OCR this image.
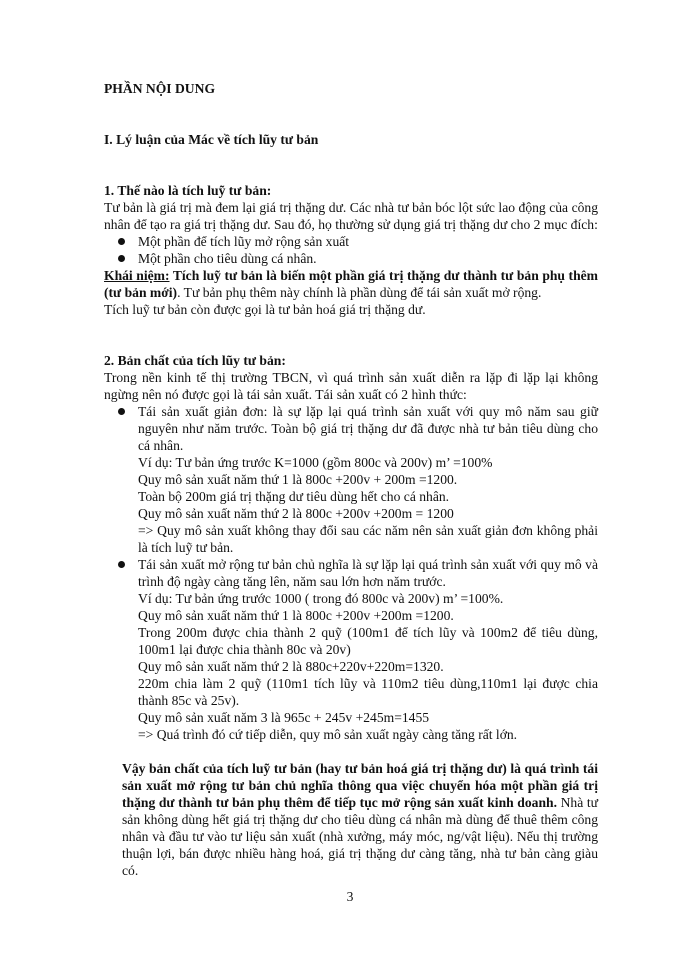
PHẦN NỘI DUNG

I. Lý luận của Mác về tích lũy tư bản

1. Thế nào là tích luỹ tư bản:

Tư bản là giá trị mà đem lại giá trị thặng dư. Các nhà tư bản bóc lột sức lao động của công nhân để tạo ra giá trị thặng dư. Sau đó, họ thường sử dụng giá trị thặng dư cho 2 mục đích:

Một phần để tích lũy mở rộng sản xuất
Một phần cho tiêu dùng cá nhân.

Khái niệm: Tích luỹ tư bản là biến một phần giá trị thặng dư thành tư bản phụ thêm (tư bản mới). Tư bản phụ thêm này chính là phần dùng để tái sản xuất mở rộng.

Tích luỹ tư bản còn được gọi là tư bản hoá giá trị thặng dư.

2. Bản chất của tích lũy tư bản:

Trong nền kinh tế thị trường TBCN, vì quá trình sản xuất diễn ra lặp đi lặp lại không ngừng nên nó được gọi là tái sản xuất. Tái sản xuất có 2 hình thức:

Tái sản xuất giản đơn: là sự lặp lại quá trình sản xuất với quy mô năm sau giữ nguyên như năm trước. Toàn bộ giá trị thặng dư đã được nhà tư bản tiêu dùng cho cá nhân.
Ví dụ: Tư bản ứng trước K=1000 (gồm 800c và 200v) m’ =100%
Quy mô sản xuất năm thứ 1 là 800c +200v + 200m =1200.
Toàn bộ 200m giá trị thặng dư tiêu dùng hết cho cá nhân.
Quy mô sản xuất năm thứ 2 là 800c +200v +200m = 1200
=> Quy mô sản xuất không thay đổi sau các năm nên sản xuất giản đơn không phải là tích luỹ tư bản.
Tái sản xuất mở rộng tư bản chủ nghĩa là sự lặp lại quá trình sản xuất với quy mô và trình độ ngày càng tăng lên, năm sau lớn hơn năm trước.
Ví dụ: Tư bản ứng trước 1000 ( trong đó 800c và 200v) m’ =100%.
Quy mô sản xuất năm thứ 1 là 800c +200v +200m =1200.
Trong 200m được chia thành 2 quỹ (100m1 để tích lũy và 100m2 để tiêu dùng, 100m1 lại được chia thành 80c và 20v)
Quy mô sản xuất năm thứ 2 là 880c+220v+220m=1320.
220m chia làm 2 quỹ (110m1 tích lũy và 110m2 tiêu dùng,110m1 lại được chia thành 85c và 25v).
Quy mô sản xuất năm 3 là 965c + 245v +245m=1455
=> Quá trình đó cứ tiếp diễn, quy mô sản xuất ngày càng tăng rất lớn.

Vậy bản chất của tích luỹ tư bản (hay tư bản hoá giá trị thặng dư) là quá trình tái sản xuất mở rộng tư bản chủ nghĩa thông qua việc chuyển hóa một phần giá trị thặng dư thành tư bản phụ thêm để tiếp tục mở rộng sản xuất kinh doanh. Nhà tư sản không dùng hết giá trị thặng dư cho tiêu dùng cá nhân mà dùng để thuê thêm công nhân và đầu tư vào tư liệu sản xuất (nhà xưởng, máy móc, ng/vật liệu). Nếu thị trường thuận lợi, bán được nhiều hàng hoá, giá trị thặng dư càng tăng, nhà tư bản càng giàu có.

3
